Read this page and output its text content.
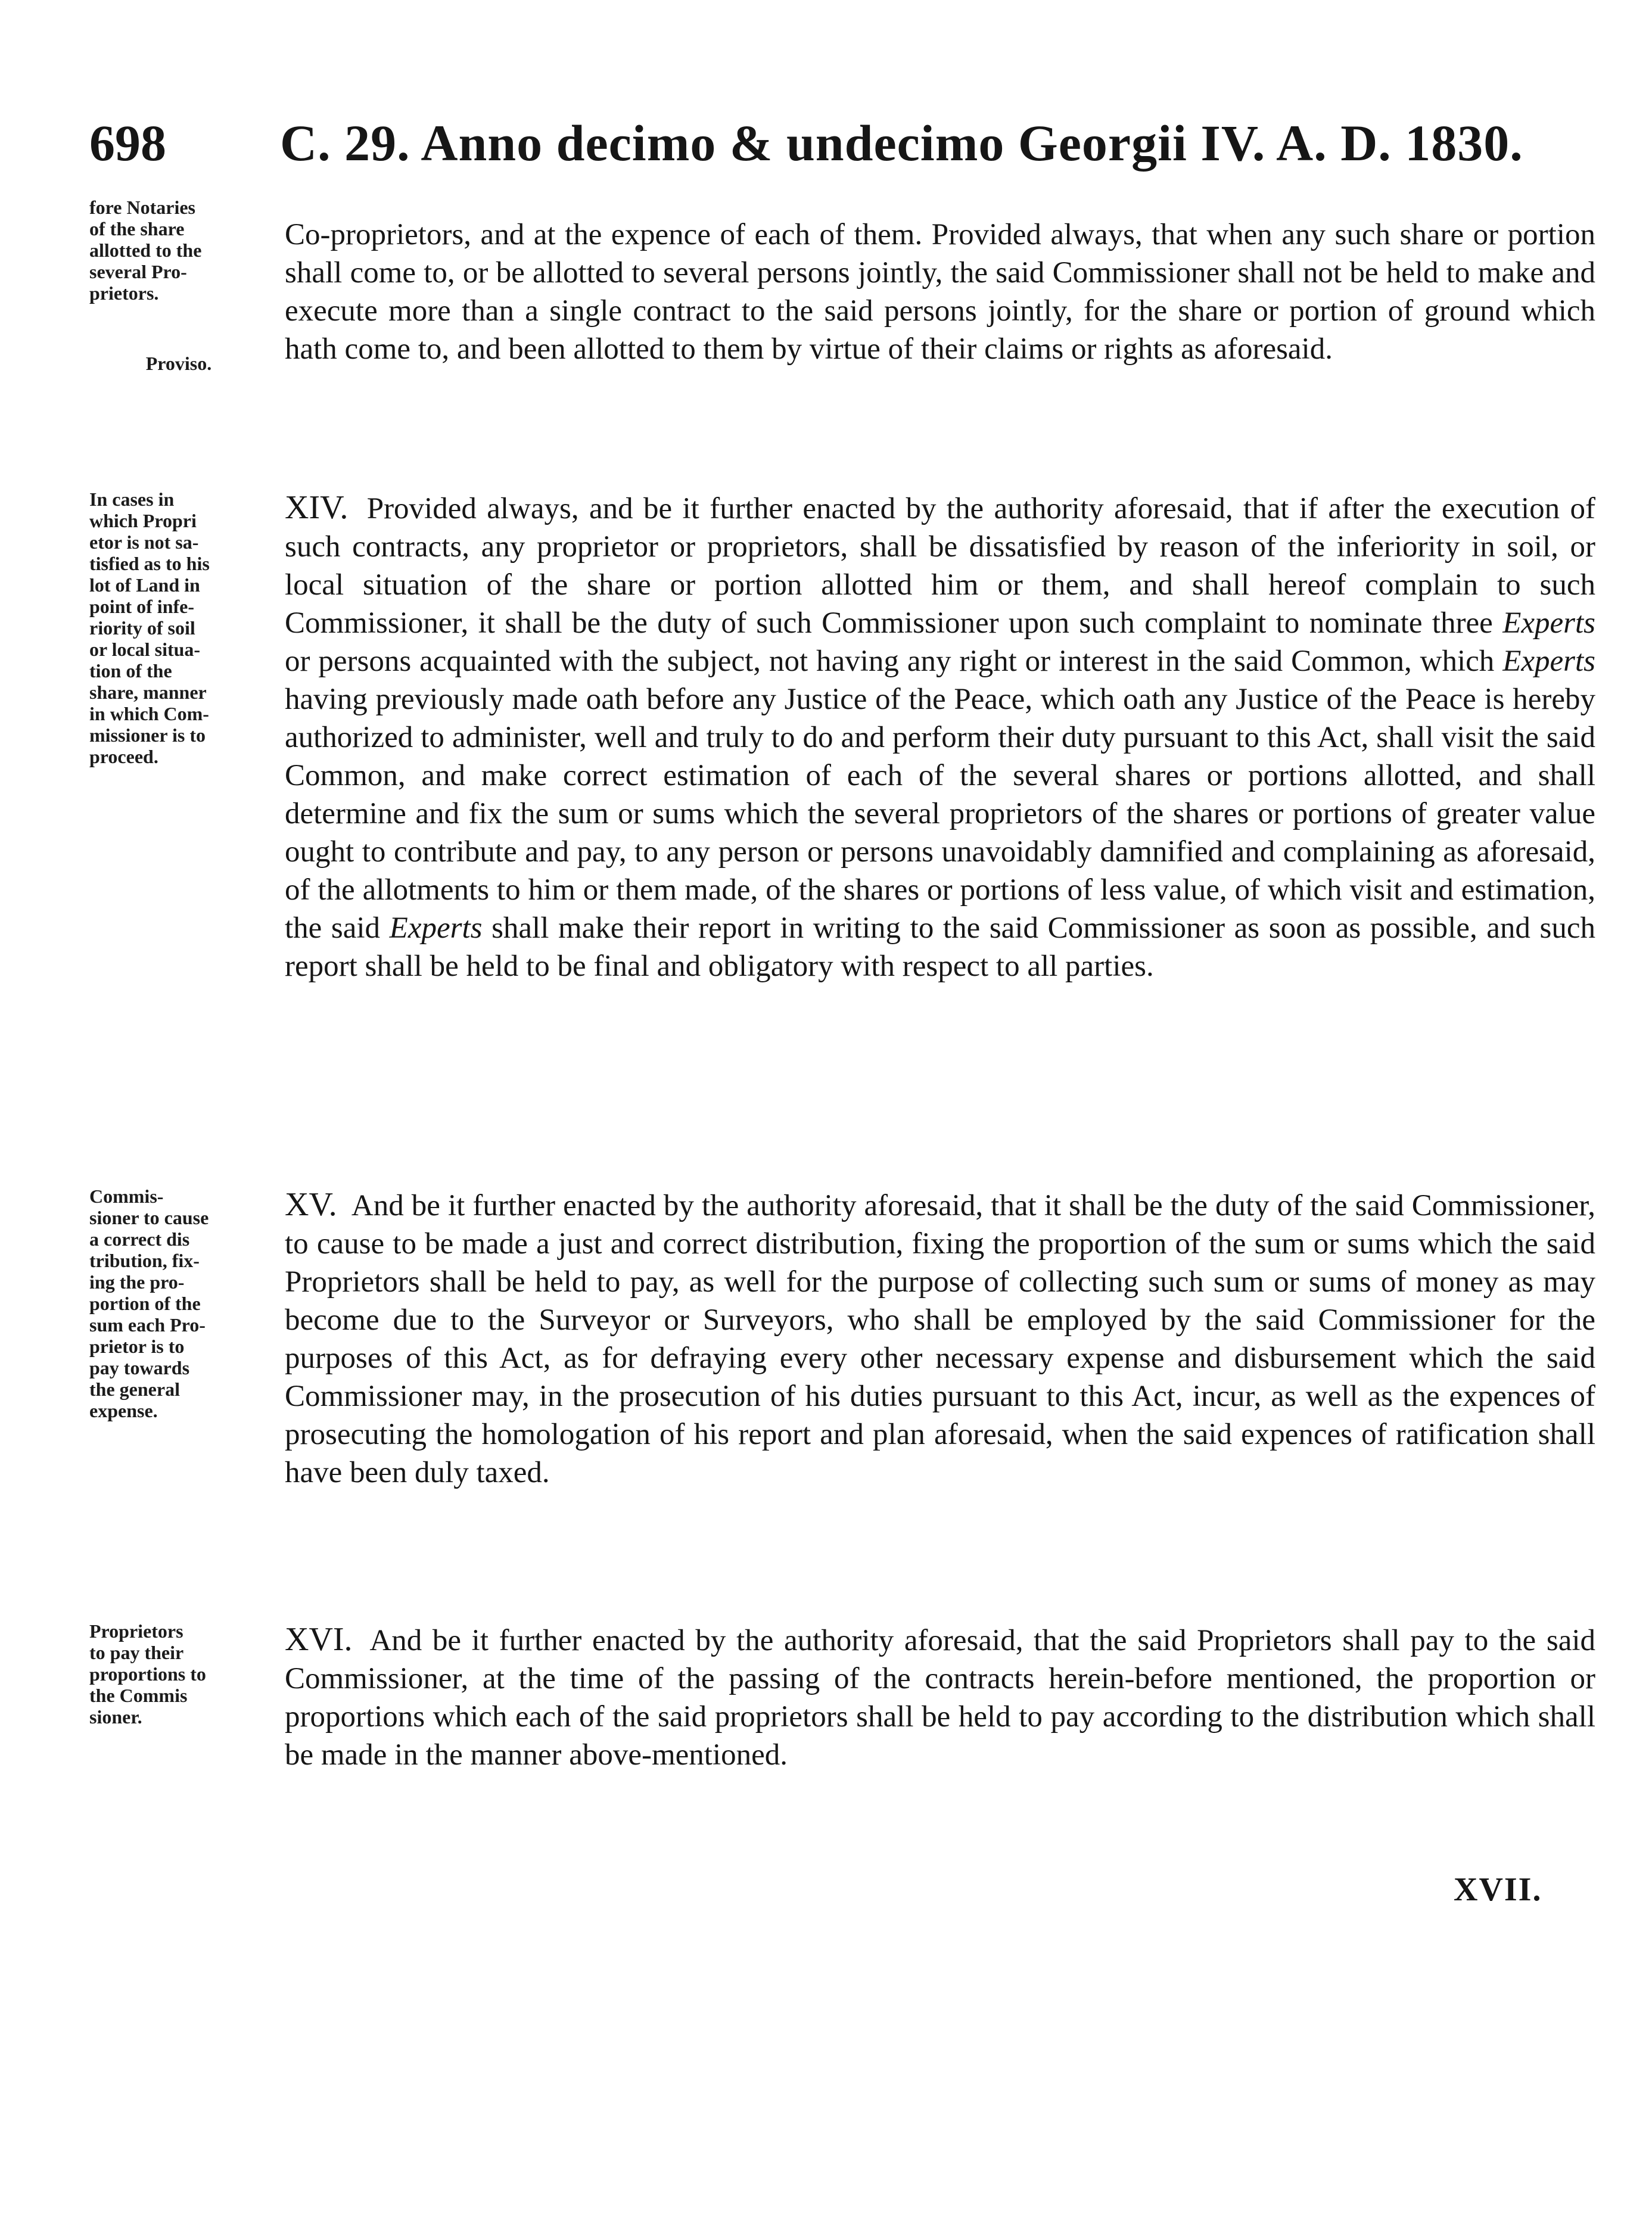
698 C. 29. Anno decimo & undecimo Georgii IV. A. D. 1830.
fore Notaries
of the share
allotted to the
several Pro-
prietors.
Proviso.
Co-proprietors, and at the expence of each of them. Provided always, that when any such share or portion shall come to, or be allotted to several persons jointly, the said Commissioner shall not be held to make and execute more than a single contract to the said persons jointly, for the share or portion of ground which hath come to, and been allotted to them by virtue of their claims or rights as aforesaid.
In cases in
which Propri
etor is not sa-
tisfied as to his
lot of Land in
point of infe-
riority of soil
or local situa-
tion of the
share, manner
in which Com-
missioner is to
proceed.
XIV. Provided always, and be it further enacted by the authority aforesaid, that if after the execution of such contracts, any proprietor or proprietors, shall be dissatisfied by reason of the inferiority in soil, or local situation of the share or portion allotted him or them, and shall hereof complain to such Commissioner, it shall be the duty of such Commissioner upon such complaint to nominate three Experts or persons acquainted with the subject, not having any right or interest in the said Common, which Experts having previously made oath before any Justice of the Peace, which oath any Justice of the Peace is hereby authorized to administer, well and truly to do and perform their duty pursuant to this Act, shall visit the said Common, and make correct estimation of each of the several shares or portions allotted, and shall determine and fix the sum or sums which the several proprietors of the shares or portions of greater value ought to contribute and pay, to any person or persons unavoidably damnified and complaining as aforesaid, of the allotments to him or them made, of the shares or portions of less value, of which visit and estimation, the said Experts shall make their report in writing to the said Commissioner as soon as possible, and such report shall be held to be final and obligatory with respect to all parties.
Commis-
sioner to cause
a correct dis
tribution, fix-
ing the pro-
portion of the
sum each Pro-
prietor is to
pay towards
the general
expense.
XV. And be it further enacted by the authority aforesaid, that it shall be the duty of the said Commissioner, to cause to be made a just and correct distribution, fixing the proportion of the sum or sums which the said Proprietors shall be held to pay, as well for the purpose of collecting such sum or sums of money as may become due to the Surveyor or Surveyors, who shall be employed by the said Commissioner for the purposes of this Act, as for defraying every other necessary expense and disbursement which the said Commissioner may, in the prosecution of his duties pursuant to this Act, incur, as well as the expences of prosecuting the homologation of his report and plan aforesaid, when the said expences of ratification shall have been duly taxed.
Proprietors
to pay their
proportions to
the Commis
sioner.
XVI. And be it further enacted by the authority aforesaid, that the said Proprietors shall pay to the said Commissioner, at the time of the passing of the contracts herein-before mentioned, the proportion or proportions which each of the said proprietors shall be held to pay according to the distribution which shall be made in the manner above-mentioned.
XVII.
